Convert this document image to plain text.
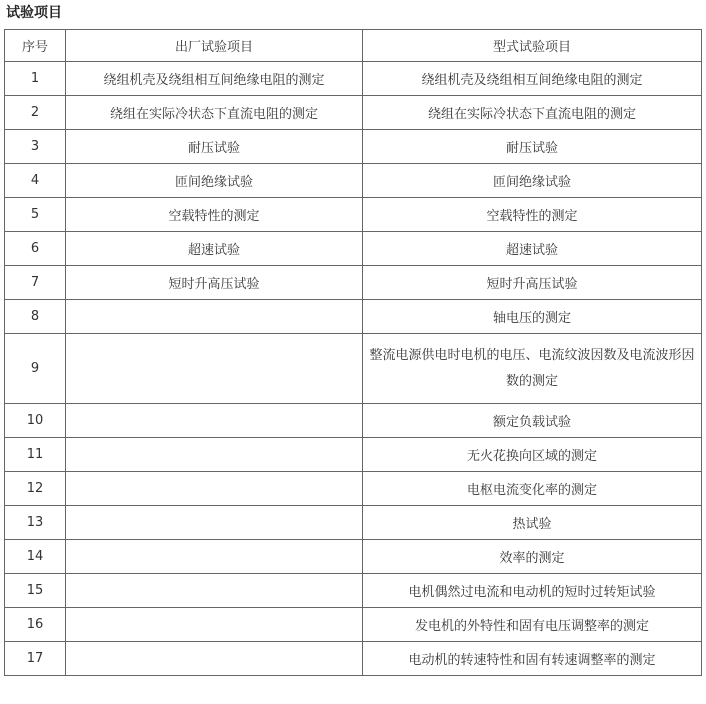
试验项目
序号	出厂试验项目	型式试验项目
1	绕组机壳及绕组相互间绝缘电阻的测定	绕组机壳及绕组相互间绝缘电阻的测定
2	绕组在实际冷状态下直流电阻的测定	绕组在实际冷状态下直流电阻的测定
3	耐压试验	耐压试验
4	匝间绝缘试验	匝间绝缘试验
5	空载特性的测定	空载特性的测定
6	超速试验	超速试验
7	短时升高压试验	短时升高压试验
8		轴电压的测定
9		整流电源供电时电机的电压、电流纹波因数及电流波形因数的测定
10		额定负载试验
11		无火花换向区域的测定
12		电枢电流变化率的测定
13		热试验
14		效率的测定
15		电机偶然过电流和电动机的短时过转矩试验
16		发电机的外特性和固有电压调整率的测定
17		电动机的转速特性和固有转速调整率的测定
